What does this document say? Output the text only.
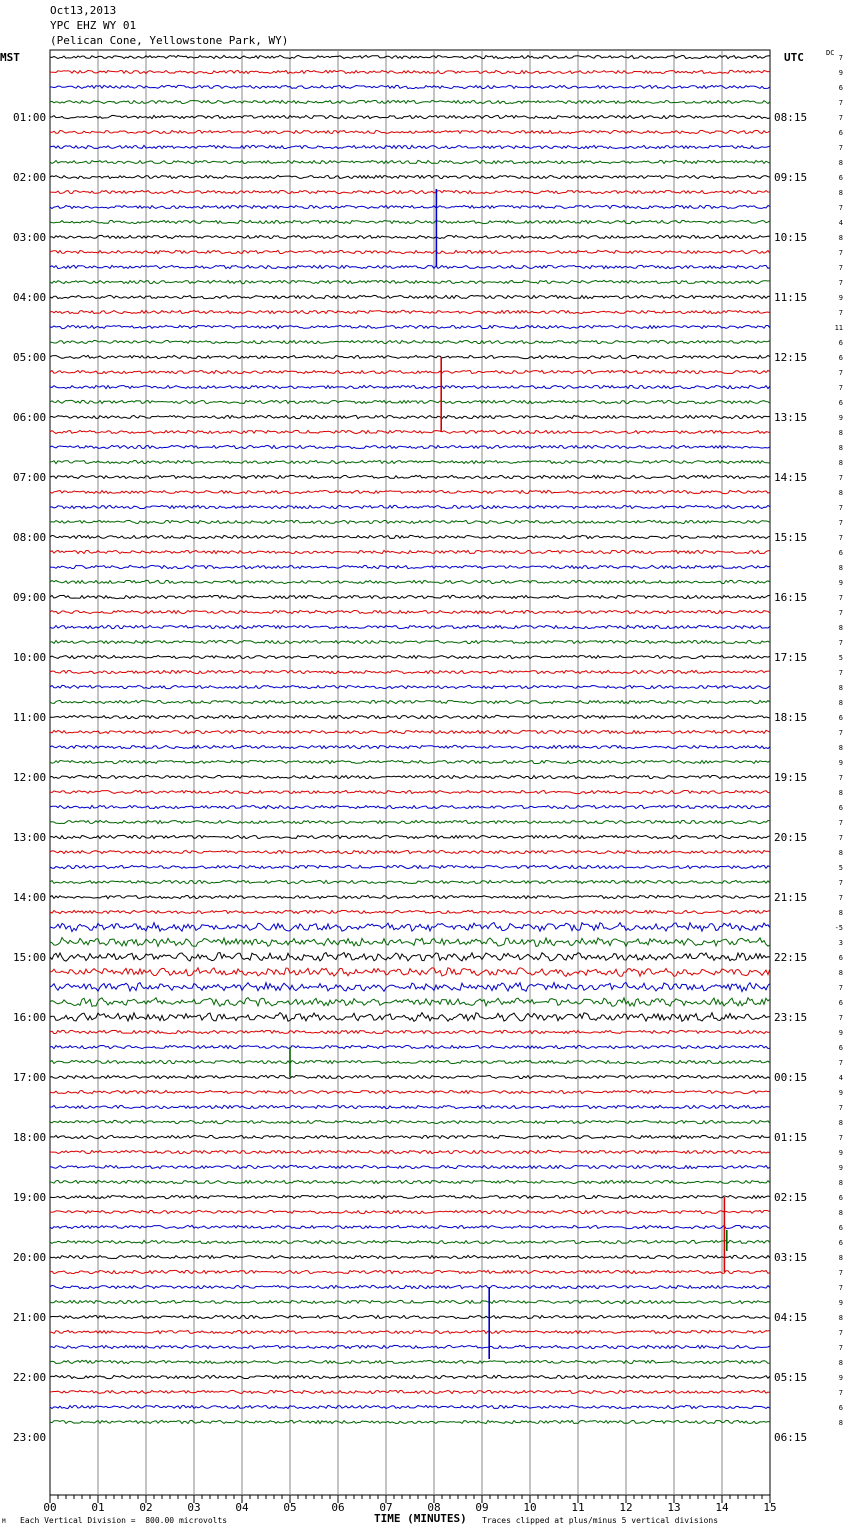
Oct13,2013
YPC EHZ WY 01
(Pelican Cone, Yellowstone Park, WY)
MST	UTC	DC
01:00
02:00
03:00
04:00
05:00
06:00
07:00
08:00
09:00
10:00
11:00
12:00
13:00
14:00
15:00
16:00
17:00
18:00
19:00
20:00
21:00
22:00
23:00
08:15
09:15
10:15
11:15
12:15
13:15
14:15
15:15
16:15
17:15
18:15
19:15
20:15
21:15
22:15
23:15
00:15
01:15
02:15
03:15
04:15
05:15
06:15
7
9
6
7
7
6
7
8
6
8
7
4
8
7
7
7
9
7
11
6
6
7
7
6
9
8
8
8
7
8
7
7
7
6
8
9
7
7
8
7
5
7
8
8
6
7
8
9
7
8
6
7
7
8
5
7
7
8
-5
3
6
8
7
6
7
9
6
7
4
9
7
8
7
9
9
8
6
8
6
6
8
7
7
9
8
7
7
8
9
7
6
8
00	01	02	03	04	05	06	07	08	09	10	11	12	13	14	15
TIME (MINUTES)
M Each Vertical Division =  800.00 microvolts	Traces clipped at plus/minus 5 vertical divisions
